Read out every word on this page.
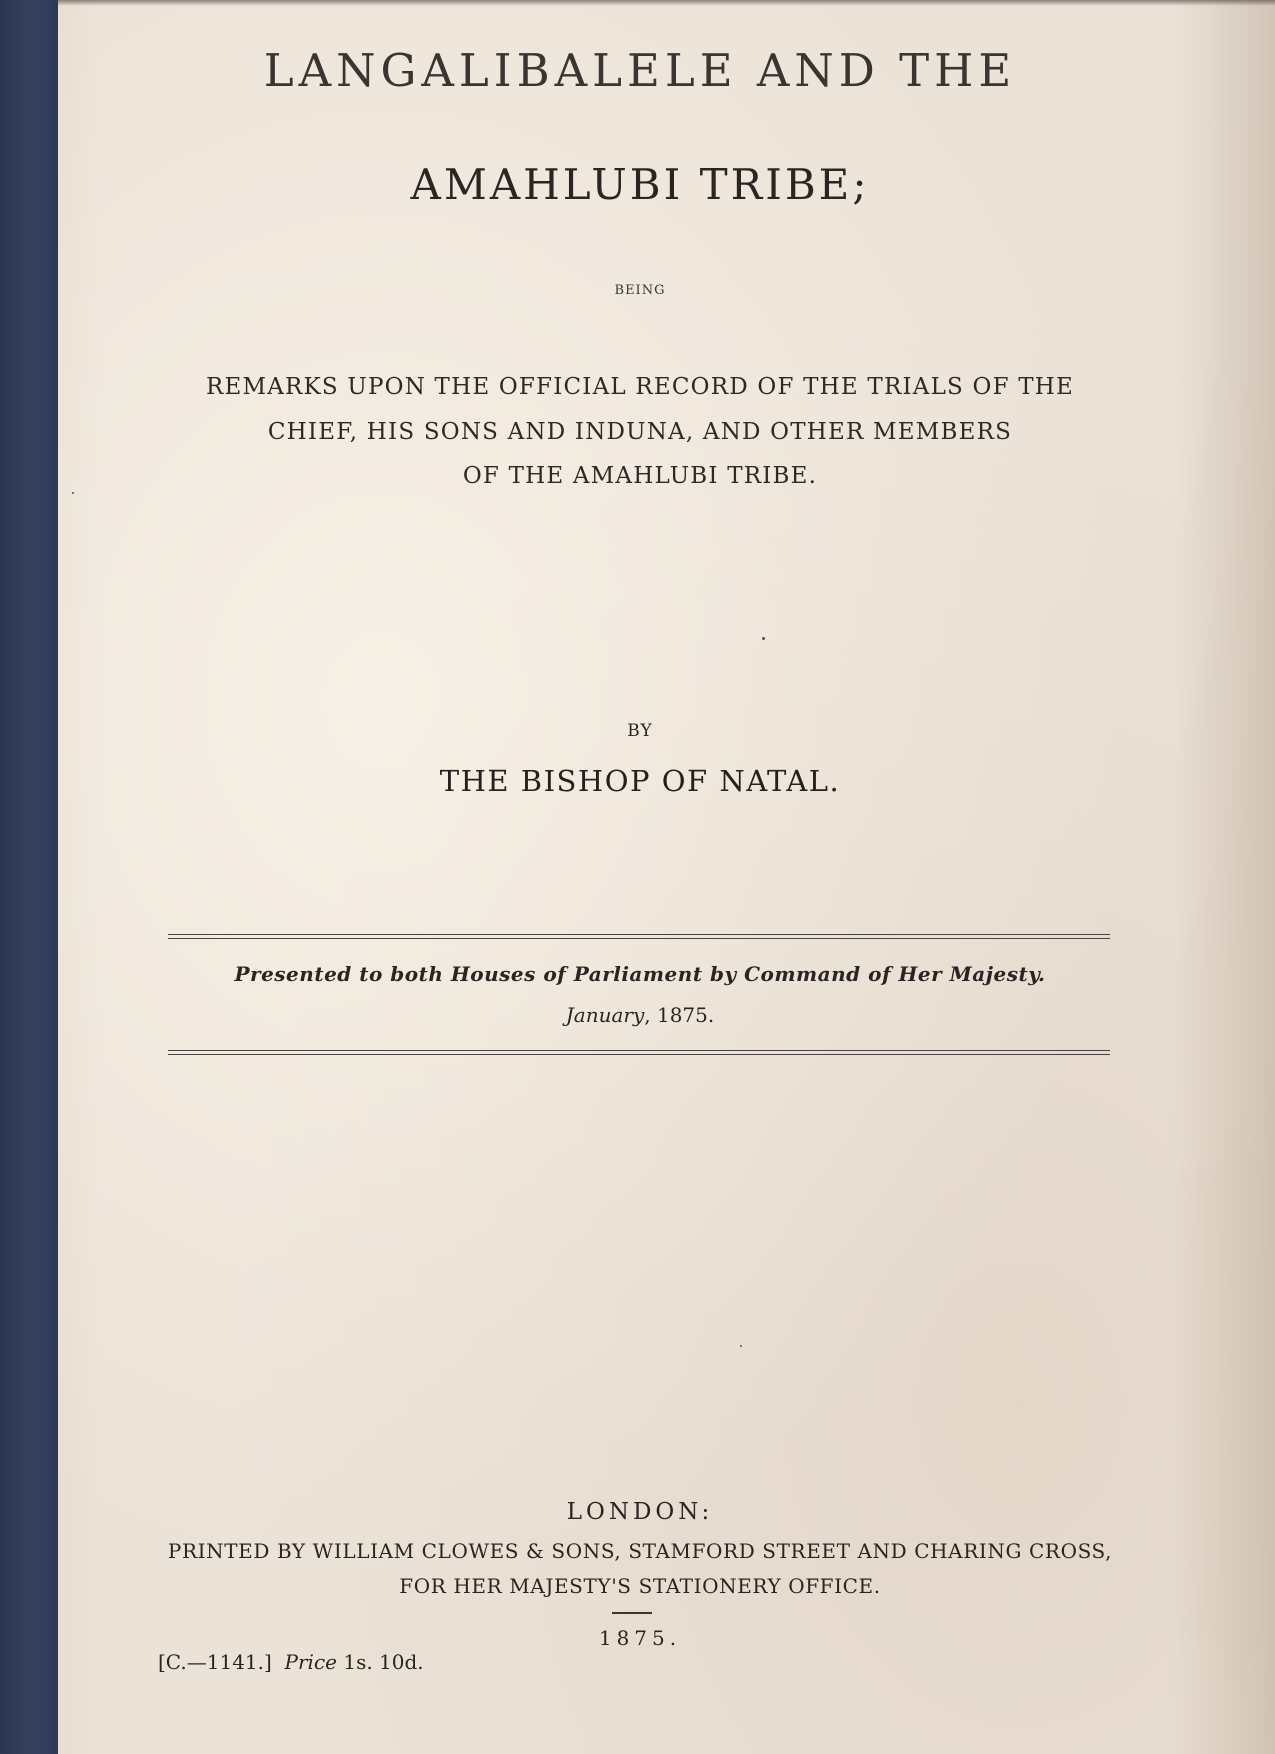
LANGALIBALELE AND THE
AMAHLUBI TRIBE;
BEING
REMARKS UPON THE OFFICIAL RECORD OF THE TRIALS OF THE
CHIEF, HIS SONS AND INDUNA, AND OTHER MEMBERS
OF THE AMAHLUBI TRIBE.
BY
THE BISHOP OF NATAL.
Presented to both Houses of Parliament by Command of Her Majesty.
January, 1875.
LONDON:
PRINTED BY WILLIAM CLOWES & SONS, STAMFORD STREET AND CHARING CROSS,
FOR HER MAJESTY'S STATIONERY OFFICE.
1875.
[C.—1141.] Price 1s. 10d.
